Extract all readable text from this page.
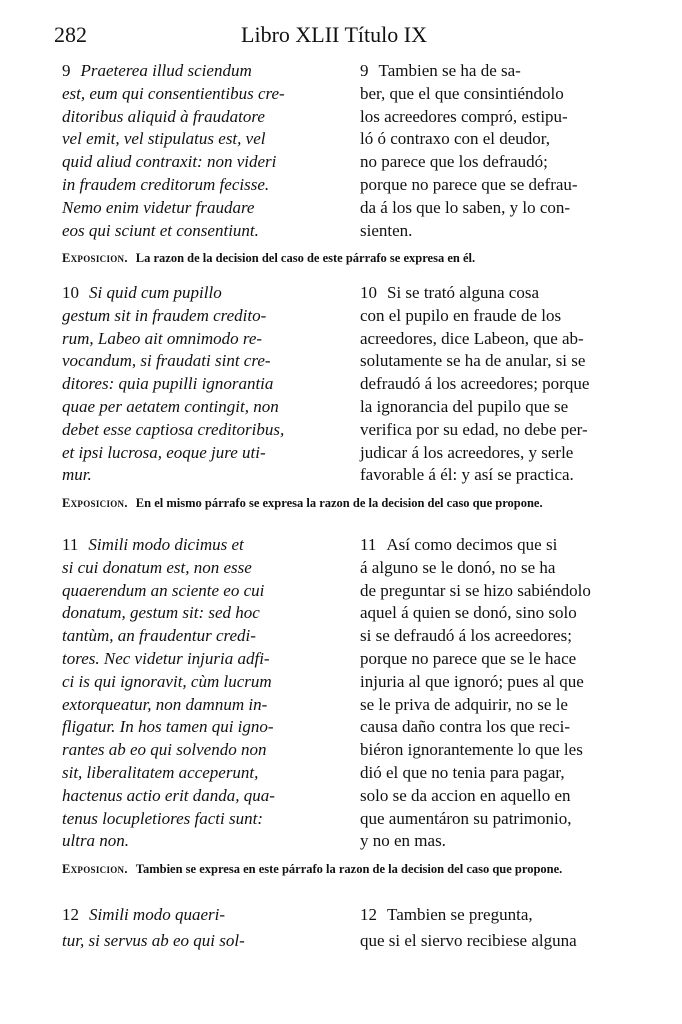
282	Libro XLII Título IX
9 Praeterea illud sciendum
est, eum qui consentientibus cre-
ditoribus aliquid à fraudatore
vel emit, vel stipulatus est, vel
quid aliud contraxit: non videri
in fraudem creditorum fecisse.
Nemo enim videtur fraudare
eos qui sciunt et consentiunt.
9 Tambien se ha de sa-
ber, que el que consintiéndolo
los acreedores compró, estipu-
ló ó contraxo con el deudor,
no parece que los defraudó;
porque no parece que se defrau-
da á los que lo saben, y lo con-
sienten.
Exposicion. La razon de la decision del caso de este párrafo se expresa en él.
10 Si quid cum pupillo
gestum sit in fraudem credito-
rum, Labeo ait omnimodo re-
vocandum, si fraudati sint cre-
ditores: quia pupilli ignorantia
quae per aetatem contingit, non
debet esse captiosa creditoribus,
et ipsi lucrosa, eoque jure uti-
mur.
10 Si se trató alguna cosa
con el pupilo en fraude de los
acreedores, dice Labeon, que ab-
solutamente se ha de anular, si se
defraudó á los acreedores; porque
la ignorancia del pupilo que se
verifica por su edad, no debe per-
judicar á los acreedores, y serle
favorable á él: y así se practica.
Exposicion. En el mismo párrafo se expresa la razon de la decision del caso que propone.
11 Simili modo dicimus et
si cui donatum est, non esse
quaerendum an sciente eo cui
donatum, gestum sit: sed hoc
tantùm, an fraudentur credi-
tores. Nec videtur injuria adfi-
ci is qui ignoravit, cùm lucrum
extorqueatur, non damnum in-
fligatur. In hos tamen qui igno-
rantes ab eo qui solvendo non
sit, liberalitatem acceperunt,
hactenus actio erit danda, qua-
tenus locupletiores facti sunt:
ultra non.
11 Así como decimos que si
á alguno se le donó, no se ha
de preguntar si se hizo sabiéndolo
aquel á quien se donó, sino solo
si se defraudó á los acreedores;
porque no parece que se le hace
injuria al que ignoró; pues al que
se le priva de adquirir, no se le
causa daño contra los que reci-
biéron ignorantemente lo que les
dió el que no tenia para pagar,
solo se da accion en aquello en
que aumentáron su patrimonio,
y no en mas.
Exposicion. Tambien se expresa en este párrafo la razon de la decision del caso que propone.
12 Simili modo quaeri-
tur, si servus ab eo qui sol-
12 Tambien se pregunta,
que si el siervo recibiese alguna
